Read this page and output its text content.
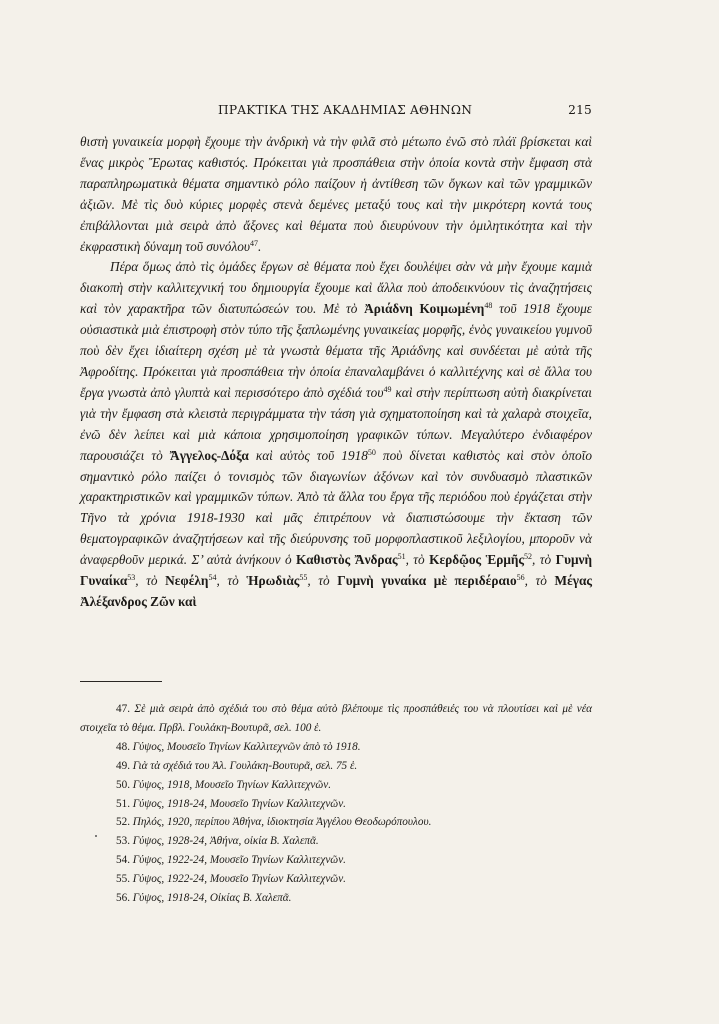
ΠΡΑΚΤΙΚΑ ΤΗΣ ΑΚΑΔΗΜΙΑΣ ΑΘΗΝΩΝ	215

θιστὴ γυναικεία μορφὴ ἔχουμε τὴν ἀνδρικὴ νὰ τὴν φιλᾶ στὸ μέτωπο ἐνῶ στὸ πλάϊ βρίσκεται καὶ ἕνας μικρὸς Ἔρωτας καθιστός. Πρόκειται γιὰ προσπάθεια στὴν ὁποία κοντὰ στὴν ἔμφαση στὰ παραπληρωματικὰ θέματα σημαντικὸ ρόλο παίζουν ἡ ἀντίθεση τῶν ὄγκων καὶ τῶν γραμμικῶν ἀξιῶν. Μὲ τὶς δυὸ κύριες μορφὲς στενὰ δεμένες μεταξύ τους καὶ τὴν μικρότερη κοντά τους ἐπιβάλλονται μιὰ σειρὰ ἀπὸ ἄξονες καὶ θέματα ποὺ διευρύνουν τὴν ὁμιλητικότητα καὶ τὴν ἐκφραστικὴ δύναμη τοῦ συνόλου$^{47}$.

Πέρα ὅμως ἀπὸ τὶς ὁμάδες ἔργων σὲ θέματα ποὺ ἔχει δουλέψει σὰν νὰ μὴν ἔχουμε καμιὰ διακοπὴ στὴν καλλιτεχνική του δημιουργία ἔχουμε καὶ ἄλλα ποὺ ἀποδεικνύουν τὶς ἀναζητήσεις καὶ τὸν χαρακτῆρα τῶν διατυπώσεών του. Μὲ τὸ Ἀριάδνη Κοιμωμένη$^{48}$ τοῦ 1918 ἔχουμε οὐσιαστικὰ μιὰ ἐπιστροφὴ στὸν τύπο τῆς ξαπλωμένης γυναικείας μορφῆς, ἑνὸς γυναικείου γυμνοῦ ποὺ δὲν ἔχει ἰδιαίτερη σχέση μὲ τὰ γνωστὰ θέματα τῆς Ἀριάδνης καὶ συνδέεται μὲ αὐτὰ τῆς Ἀφροδίτης. Πρόκειται γιὰ προσπάθεια τὴν ὁποία ἐπαναλαμβάνει ὁ καλλιτέχνης καὶ σὲ ἄλλα του ἔργα γνωστὰ ἀπὸ γλυπτὰ καὶ περισσότερο ἀπὸ σχέδιά του$^{49}$ καὶ στὴν περίπτωση αὐτὴ διακρίνεται γιὰ τὴν ἔμφαση στὰ κλειστὰ περιγράμματα τὴν τάση γιὰ σχηματοποίηση καὶ τὰ χαλαρὰ στοιχεῖα, ἐνῶ δὲν λείπει καὶ μιὰ κάποια χρησιμοποίηση γραφικῶν τύπων. Μεγαλύτερο ἐνδιαφέρον παρουσιάζει τὸ Ἄγγελος-Δόξα καὶ αὐτὸς τοῦ 1918$^{50}$ ποὺ δίνεται καθιστὸς καὶ στὸν ὁποῖο σημαντικὸ ρόλο παίζει ὁ τονισμὸς τῶν διαγωνίων ἀξόνων καὶ τὸν συνδυασμὸ πλαστικῶν χαρακτηριστικῶν καὶ γραμμικῶν τύπων. Ἀπὸ τὰ ἄλλα του ἔργα τῆς περιόδου ποὺ ἐργάζεται στὴν Τῆνο τὰ χρόνια 1918-1930 καὶ μᾶς ἐπιτρέπουν νὰ διαπιστώσουμε τὴν ἔκταση τῶν θεματογραφικῶν ἀναζητήσεων καὶ τῆς διεύρυνσης τοῦ μορφοπλαστικοῦ λεξιλογίου, μποροῦν νὰ ἀναφερθοῦν μερικά. Σ’ αὐτὰ ἀνήκουν ὁ Καθιστὸς Ἄνδρας$^{51}$, τὸ Κερδῷος Ἑρμῆς$^{52}$, τὸ Γυμνὴ Γυναίκα$^{53}$, τὸ Νεφέλη$^{54}$, τὸ Ἡρωδιὰς$^{55}$, τὸ Γυμνὴ γυναίκα μὲ περιδέραιο$^{56}$, τὸ Μέγας Ἀλέξανδρος Ζῶν καὶ

47. Σὲ μιὰ σειρὰ ἀπὸ σχέδιά του στὸ θέμα αὐτὸ βλέπουμε τὶς προσπάθειές του νὰ πλουτίσει καὶ μὲ νέα στοιχεῖα τὸ θέμα. Πρβλ. Γουλάκη-Βουτυρᾶ, σελ. 100 ἑ.

48. Γύψος, Μουσεῖο Τηνίων Καλλιτεχνῶν ἀπὸ τὸ 1918.

49. Γιὰ τὰ σχέδιά του Ἀλ. Γουλάκη-Βουτυρᾶ, σελ. 75 ἑ.

50. Γύψος, 1918, Μουσεῖο Τηνίων Καλλιτεχνῶν.

51. Γύψος, 1918-24, Μουσεῖο Τηνίων Καλλιτεχνῶν.

52. Πηλός, 1920, περίπου Ἀθήνα, ἰδιοκτησία Ἀγγέλου Θεοδωρόπουλου.

53. Γύψος, 1928-24, Ἀθήνα, οἰκία Β. Χαλεπᾶ.

54. Γύψος, 1922-24, Μουσεῖο Τηνίων Καλλιτεχνῶν.

55. Γύψος, 1922-24, Μουσεῖο Τηνίων Καλλιτεχνῶν.

56. Γύψος, 1918-24, Οἰκίας Β. Χαλεπᾶ.
